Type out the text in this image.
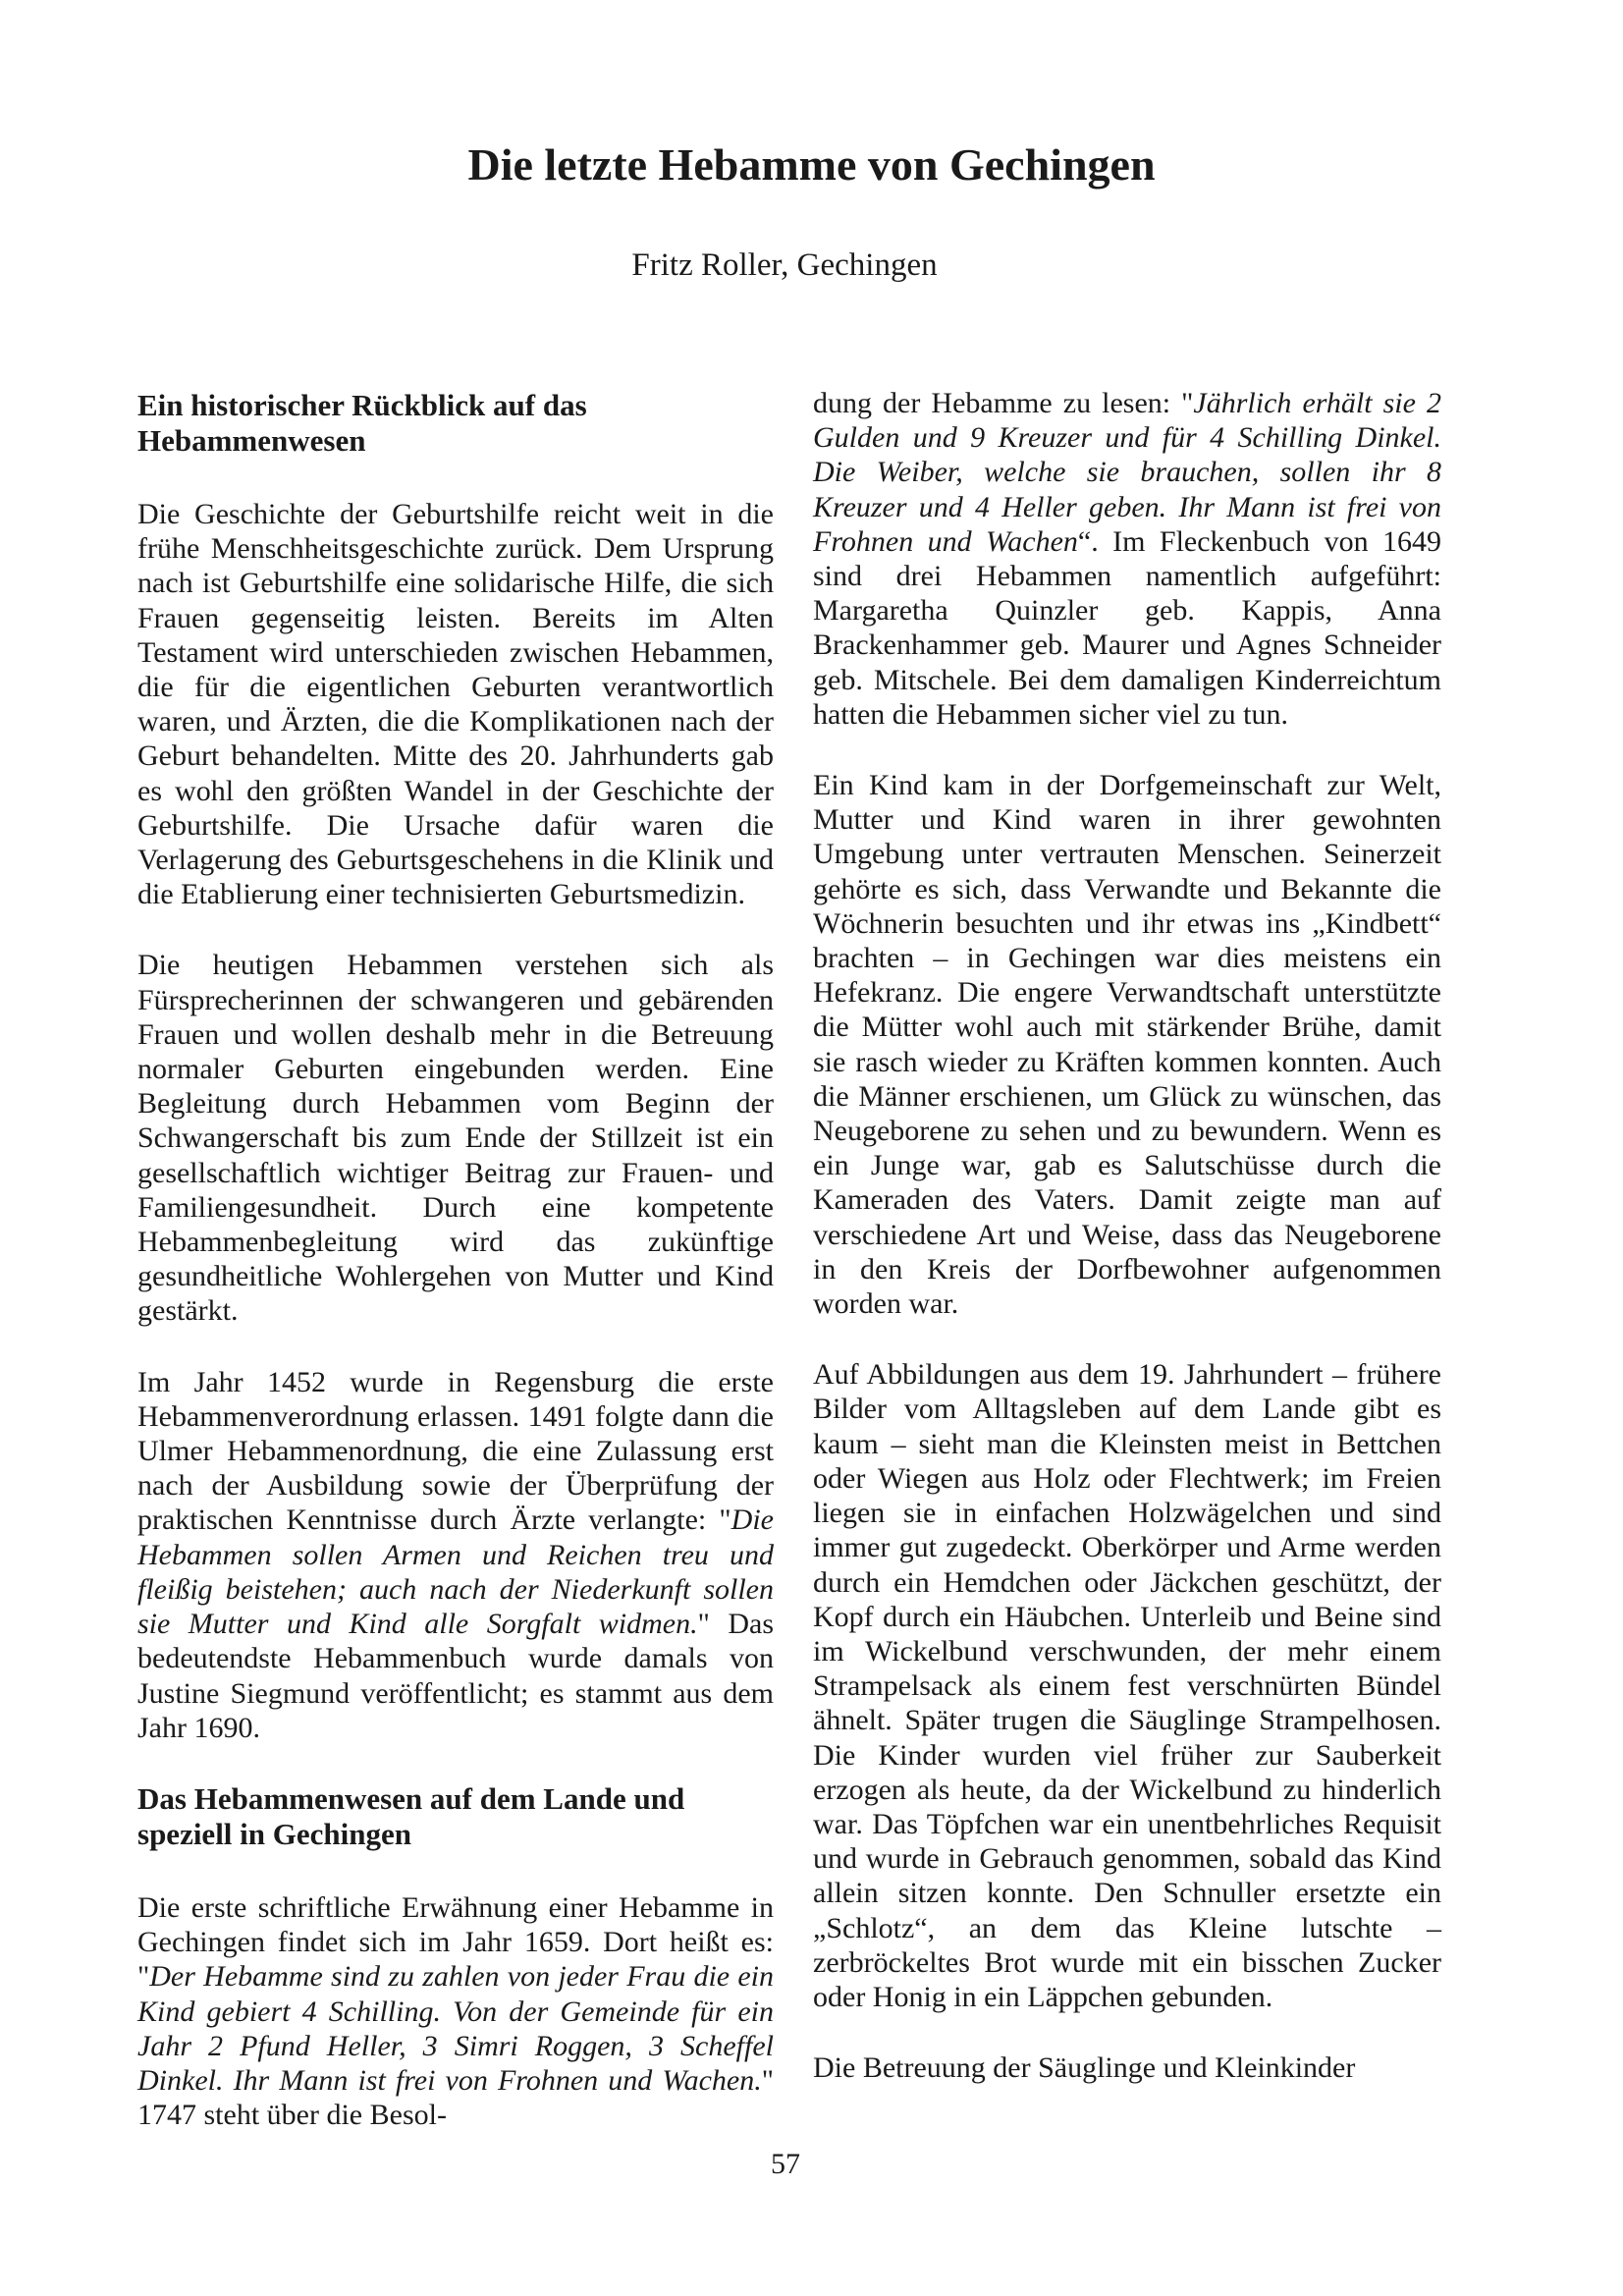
Die letzte Hebamme von Gechingen
Fritz Roller, Gechingen
Ein historischer Rückblick auf das Hebammenwesen

Die Geschichte der Geburtshilfe reicht weit in die frühe Menschheitsgeschichte zurück. Dem Ursprung nach ist Geburtshilfe eine solidarische Hilfe, die sich Frauen gegenseitig leisten. Bereits im Alten Testament wird unterschieden zwischen Hebammen, die für die eigentlichen Geburten verantwortlich waren, und Ärzten, die die Komplikationen nach der Geburt behandelten. Mitte des 20. Jahrhunderts gab es wohl den größten Wandel in der Geschichte der Geburtshilfe. Die Ursache dafür waren die Verlagerung des Geburtsgeschehens in die Klinik und die Etablierung einer technisierten Geburtsmedizin.

Die heutigen Hebammen verstehen sich als Fürsprecherinnen der schwangeren und gebärenden Frauen und wollen deshalb mehr in die Betreuung normaler Geburten eingebunden werden. Eine Begleitung durch Hebammen vom Beginn der Schwangerschaft bis zum Ende der Stillzeit ist ein gesellschaftlich wichtiger Beitrag zur Frauen- und Familiengesundheit. Durch eine kompetente Hebammenbegleitung wird das zukünftige gesundheitliche Wohlergehen von Mutter und Kind gestärkt.

Im Jahr 1452 wurde in Regensburg die erste Hebammenverordnung erlassen. 1491 folgte dann die Ulmer Hebammenordnung, die eine Zulassung erst nach der Ausbildung sowie der Überprüfung der praktischen Kenntnisse durch Ärzte verlangte: "Die Hebammen sollen Armen und Reichen treu und fleißig beistehen; auch nach der Niederkunft sollen sie Mutter und Kind alle Sorgfalt widmen." Das bedeutendste Hebammenbuch wurde damals von Justine Siegmund veröffentlicht; es stammt aus dem Jahr 1690.

Das Hebammenwesen auf dem Lande und speziell in Gechingen

Die erste schriftliche Erwähnung einer Hebamme in Gechingen findet sich im Jahr 1659. Dort heißt es: "Der Hebamme sind zu zahlen von jeder Frau die ein Kind gebiert 4 Schilling. Von der Gemeinde für ein Jahr 2 Pfund Heller, 3 Simri Roggen, 3 Scheffel Dinkel. Ihr Mann ist frei von Frohnen und Wachen." 1747 steht über die Besol-

dung der Hebamme zu lesen: "Jährlich erhält sie 2 Gulden und 9 Kreuzer und für 4 Schilling Dinkel. Die Weiber, welche sie brauchen, sollen ihr 8 Kreuzer und 4 Heller geben. Ihr Mann ist frei von Frohnen und Wachen“. Im Fleckenbuch von 1649 sind drei Hebammen namentlich aufgeführt: Margaretha Quinzler geb. Kappis, Anna Brackenhammer geb. Maurer und Agnes Schneider geb. Mitschele. Bei dem damaligen Kinderreichtum hatten die Hebammen sicher viel zu tun.

Ein Kind kam in der Dorfgemeinschaft zur Welt, Mutter und Kind waren in ihrer gewohnten Umgebung unter vertrauten Menschen. Seinerzeit gehörte es sich, dass Verwandte und Bekannte die Wöchnerin besuchten und ihr etwas ins „Kindbett“ brachten – in Gechingen war dies meistens ein Hefekranz. Die engere Verwandtschaft unterstützte die Mütter wohl auch mit stärkender Brühe, damit sie rasch wieder zu Kräften kommen konnten. Auch die Männer erschienen, um Glück zu wünschen, das Neugeborene zu sehen und zu bewundern. Wenn es ein Junge war, gab es Salutschüsse durch die Kameraden des Vaters. Damit zeigte man auf verschiedene Art und Weise, dass das Neugeborene in den Kreis der Dorfbewohner aufgenommen worden war.

Auf Abbildungen aus dem 19. Jahrhundert – frühere Bilder vom Alltagsleben auf dem Lande gibt es kaum – sieht man die Kleinsten meist in Bettchen oder Wiegen aus Holz oder Flechtwerk; im Freien liegen sie in einfachen Holzwägelchen und sind immer gut zugedeckt. Oberkörper und Arme werden durch ein Hemdchen oder Jäckchen geschützt, der Kopf durch ein Häubchen. Unterleib und Beine sind im Wickelbund verschwunden, der mehr einem Strampelsack als einem fest verschnürten Bündel ähnelt. Später trugen die Säuglinge Strampelhosen. Die Kinder wurden viel früher zur Sauberkeit erzogen als heute, da der Wickelbund zu hinderlich war. Das Töpfchen war ein unentbehrliches Requisit und wurde in Gebrauch genommen, sobald das Kind allein sitzen konnte. Den Schnuller ersetzte ein „Schlotz“, an dem das Kleine lutschte – zerbröckeltes Brot wurde mit ein bisschen Zucker oder Honig in ein Läppchen gebunden.

Die Betreuung der Säuglinge und Kleinkinder

57
